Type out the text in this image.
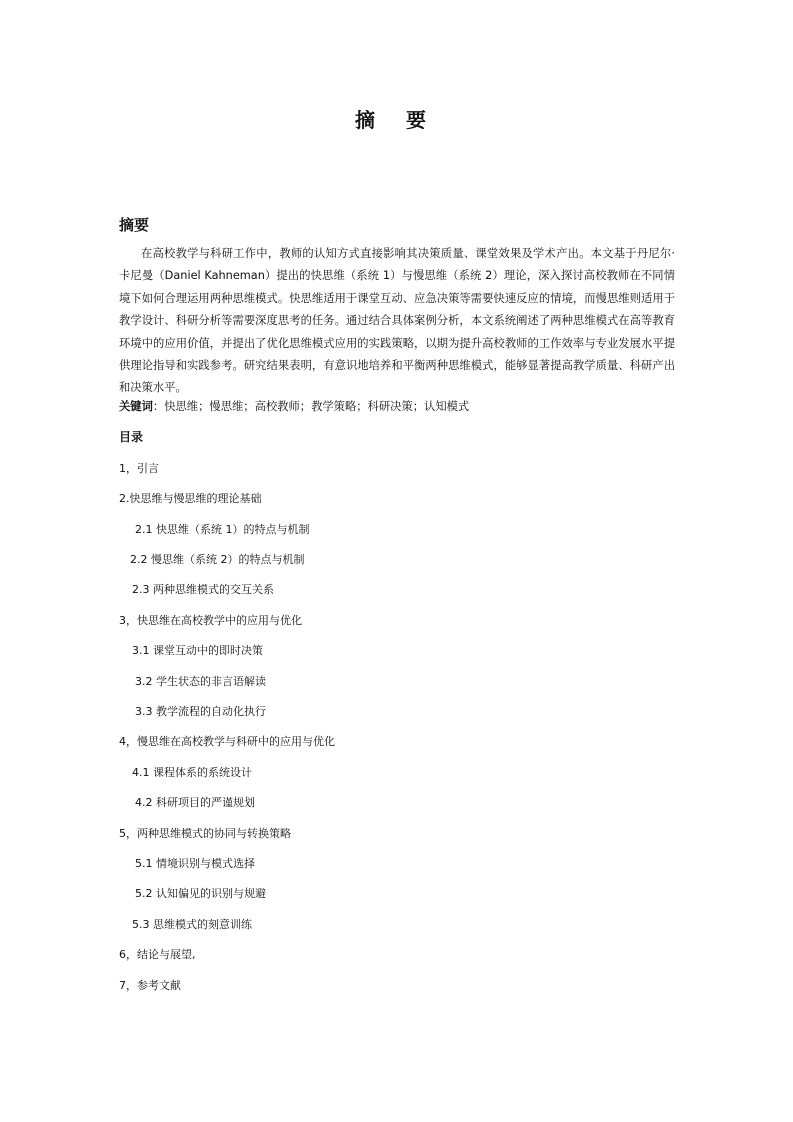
摘 要
摘要

在高校教学与科研工作中，教师的认知方式直接影响其决策质量、课堂效果及学术产出。本文基于丹尼尔·卡尼曼（Daniel Kahneman）提出的快思维（系统 1）与慢思维（系统 2）理论，深入探讨高校教师在不同情境下如何合理运用两种思维模式。快思维适用于课堂互动、应急决策等需要快速反应的情境，而慢思维则适用于教学设计、科研分析等需要深度思考的任务。通过结合具体案例分析，本文系统阐述了两种思维模式在高等教育环境中的应用价值，并提出了优化思维模式应用的实践策略，以期为提升高校教师的工作效率与专业发展水平提供理论指导和实践参考。研究结果表明，有意识地培养和平衡两种思维模式，能够显著提高教学质量、科研产出和决策水平。

关键词：快思维；慢思维；高校教师；教学策略；科研决策；认知模式
目录
1，引言
2.快思维与慢思维的理论基础
2.1 快思维（系统 1）的特点与机制
2.2 慢思维（系统 2）的特点与机制
2.3 两种思维模式的交互关系
3，快思维在高校教学中的应用与优化
3.1 课堂互动中的即时决策
3.2 学生状态的非言语解读
3.3 教学流程的自动化执行
4，慢思维在高校教学与科研中的应用与优化
4.1 课程体系的系统设计
4.2 科研项目的严谨规划
5，两种思维模式的协同与转换策略
5.1 情境识别与模式选择
5.2 认知偏见的识别与规避
5.3 思维模式的刻意训练
6，结论与展望,
7，参考文献
